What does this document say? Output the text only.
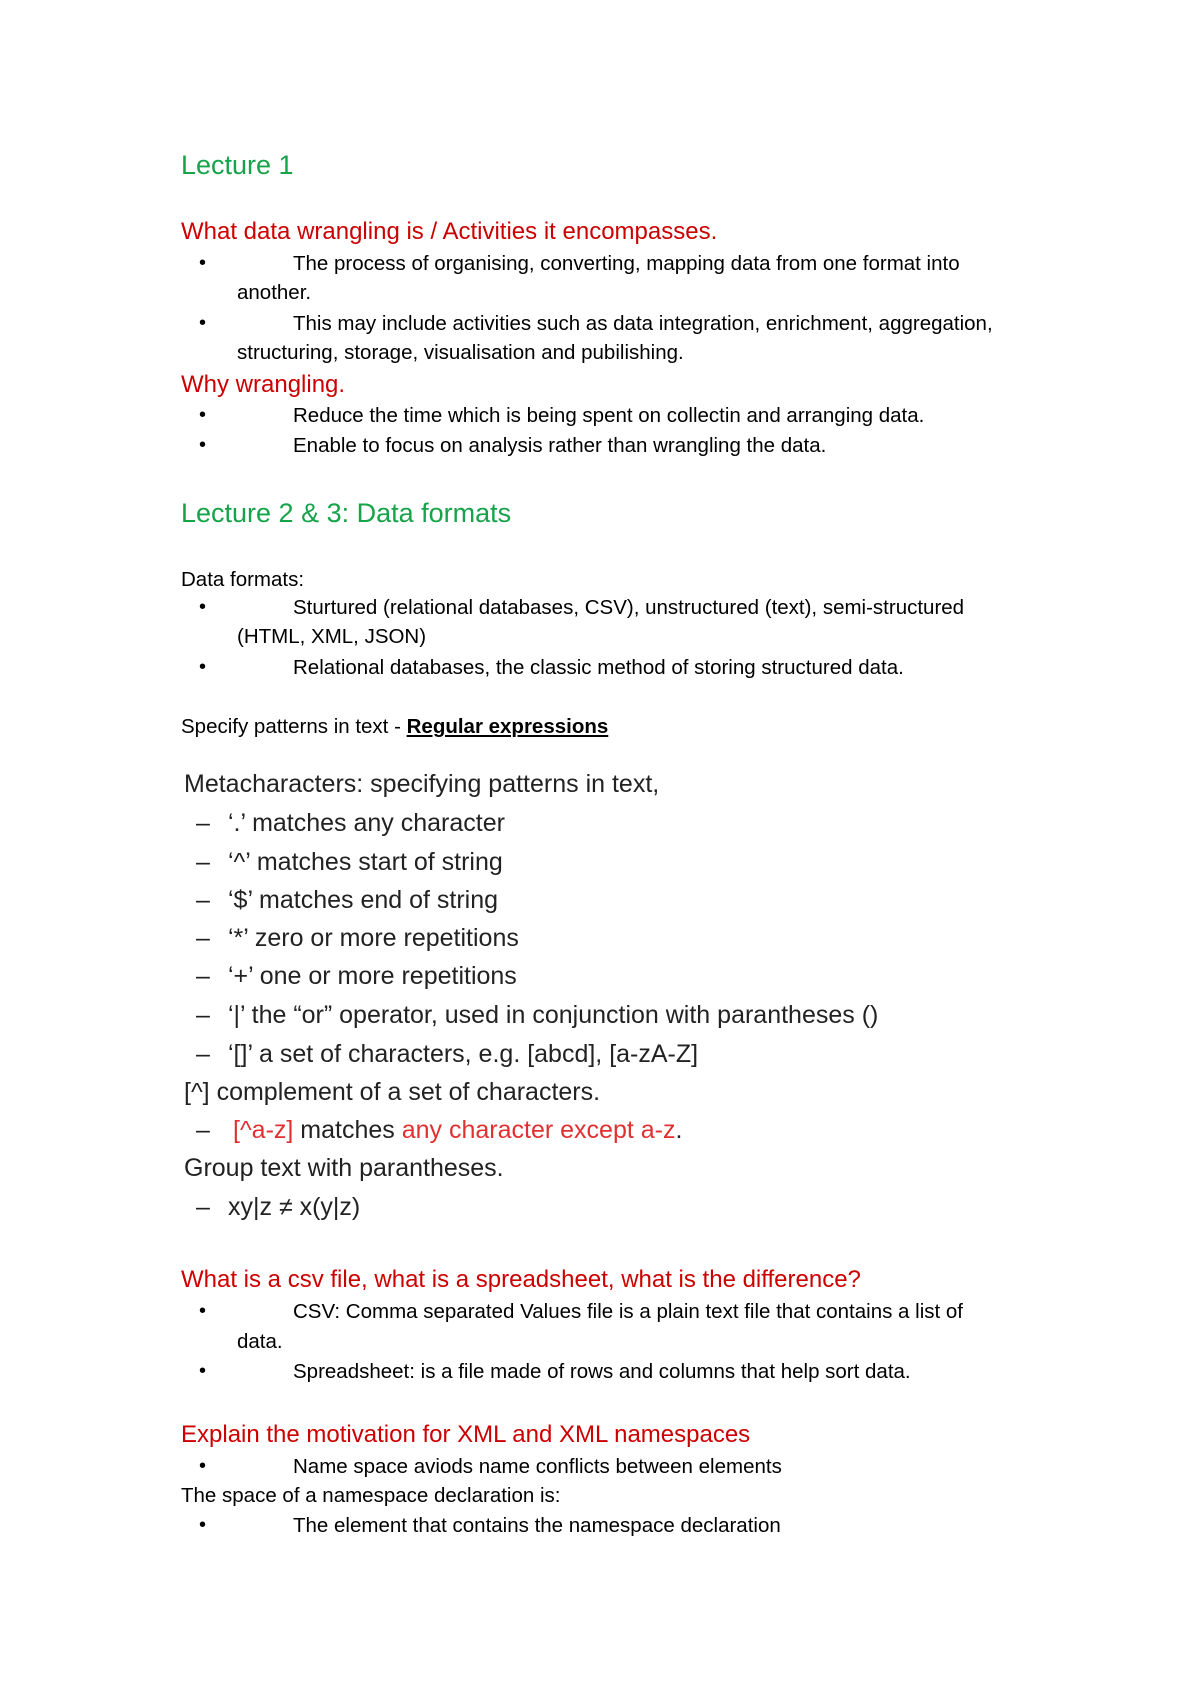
Lecture 1
What data wrangling is / Activities it encompasses.
•	The process of organising, converting, mapping data from one format into
another.
•	This may include activities such as data integration, enrichment, aggregation,
structuring, storage, visualisation and pubilishing.
Why wrangling.
•	Reduce the time which is being spent on collectin and arranging data.
•	Enable to focus on analysis rather than wrangling the data.
Lecture 2 & 3: Data formats
Data formats:
•	Sturtured (relational databases, CSV), unstructured (text), semi-structured
(HTML, XML, JSON)
•	Relational databases, the classic method of storing structured data.
Specify patterns in text - Regular expressions
Metacharacters: specifying patterns in text,
– ‘.’ matches any character
– ‘^’ matches start of string
– ‘$’ matches end of string
– ‘*’ zero or more repetitions
– ‘+’ one or more repetitions
– ‘|’ the “or” operator, used in conjunction with parantheses ()
– ‘[]’ a set of characters, e.g. [abcd], [a-zA-Z]
[^] complement of a set of characters.
– [^a-z] matches any character except a-z.
Group text with parantheses.
– xy|z ≠ x(y|z)
What is a csv file, what is a spreadsheet, what is the difference?
•	CSV: Comma separated Values file is a plain text file that contains a list of
data.
•	Spreadsheet: is a file made of rows and columns that help sort data.
Explain the motivation for XML and XML namespaces
•	Name space aviods name conflicts between elements
The space of a namespace declaration is:
•	The element that contains the namespace declaration
